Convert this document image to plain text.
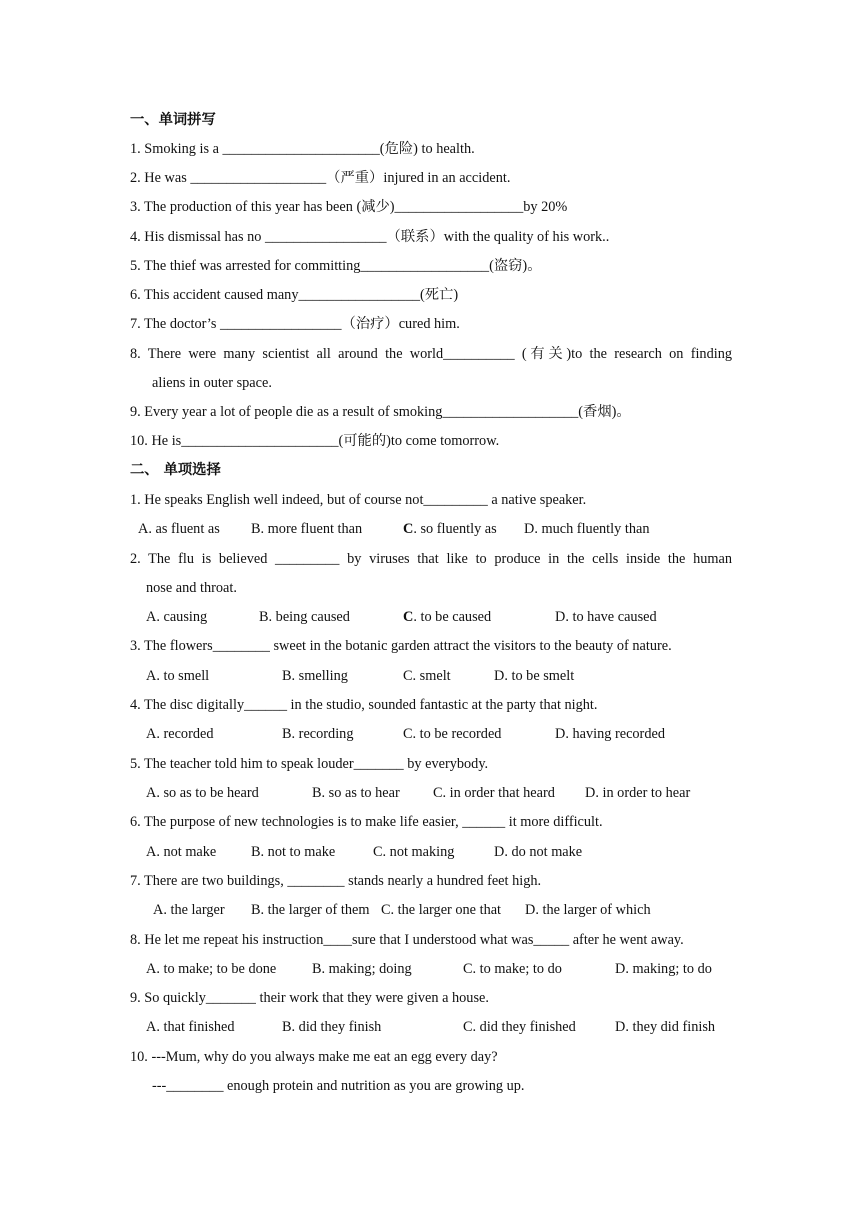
一、单词拼写
1. Smoking is a ______________________(危险) to health.
2. He was ___________________（严重）injured in an accident.
3. The production of this year has been (减少)__________________by 20%
4. His dismissal has no _________________（联系）with the quality of his work..
5. The thief was arrested for committing__________________(盗窃)。
6. This accident caused many_________________(死亡)
7. The doctor’s _________________（治疗）cured him.
8. There were many scientist all around the world__________ (有关)to the research on finding
aliens in outer space.
9. Every year a lot of people die as a result of smoking___________________(香烟)。
10. He is______________________(可能的)to come tomorrow.
二、 单项选择
1. He speaks English well indeed, but of course not_________ a native speaker.
A. as fluent as B. more fluent than	C. so fluently as D. much fluently than
2. The flu is believed _________ by viruses that like to produce in the cells inside the human
nose and throat.
A. causing	B. being caused	C. to be caused	D. to have caused
3. The flowers________ sweet in the botanic garden attract the visitors to the beauty of nature.
A. to smell	B. smelling	C. smelt	D. to be smelt
4. The disc digitally______ in the studio, sounded fantastic at the party that night.
A. recorded	B. recording	C. to be recorded	D. having recorded
5. The teacher told him to speak louder_______ by everybody.
A. so as to be heard	B. so as to hear C. in order that heard D. in order to hear
6. The purpose of new technologies is to make life easier, ______ it more difficult.
A. not make B. not to make	C. not making	D. do not make
7. There are two buildings, ________ stands nearly a hundred feet high.
A. the larger B. the larger of them C. the larger one that D. the larger of which
8. He let me repeat his instruction____sure that I understood what was_____ after he went away.
A. to make; to be done	B. making; doing	C. to make; to do	D. making; to do
9. So quickly_______ their work that they were given a house.
A. that finished	B. did they finish	C. did they finished	D. they did finish
10. ---Mum, why do you always make me eat an egg every day?
---________ enough protein and nutrition as you are growing up.
